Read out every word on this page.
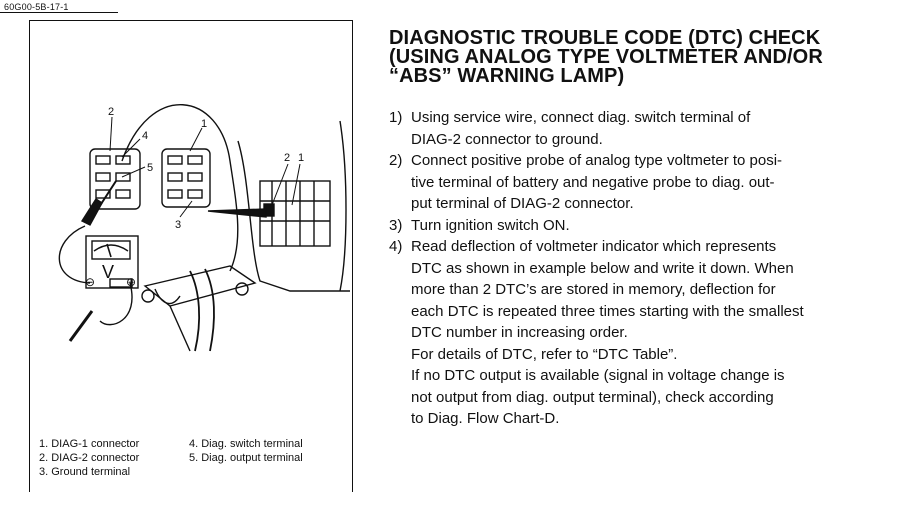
60G00-5B-17-1
V
⊖	⊕
2
4
5
1
3
2 1
1. DIAG-1 connector	4. Diag. switch terminal
2. DIAG-2 connector	5. Diag. output terminal
3. Ground terminal
DIAGNOSTIC TROUBLE CODE (DTC) CHECK
(USING ANALOG TYPE VOLTMETER AND/OR
“ABS” WARNING LAMP)
1) Using service wire, connect diag. switch terminal of
DIAG-2 connector to ground.
2) Connect positive probe of analog type voltmeter to posi-
tive terminal of battery and negative probe to diag. out-
put terminal of DIAG-2 connector.
3) Turn ignition switch ON.
4) Read deflection of voltmeter indicator which represents
DTC as shown in example below and write it down. When
more than 2 DTC’s are stored in memory, deflection for
each DTC is repeated three times starting with the smallest
DTC number in increasing order.
For details of DTC, refer to “DTC Table”.
If no DTC output is available (signal in voltage change is
not output from diag. output terminal), check according
to Diag. Flow Chart-D.
